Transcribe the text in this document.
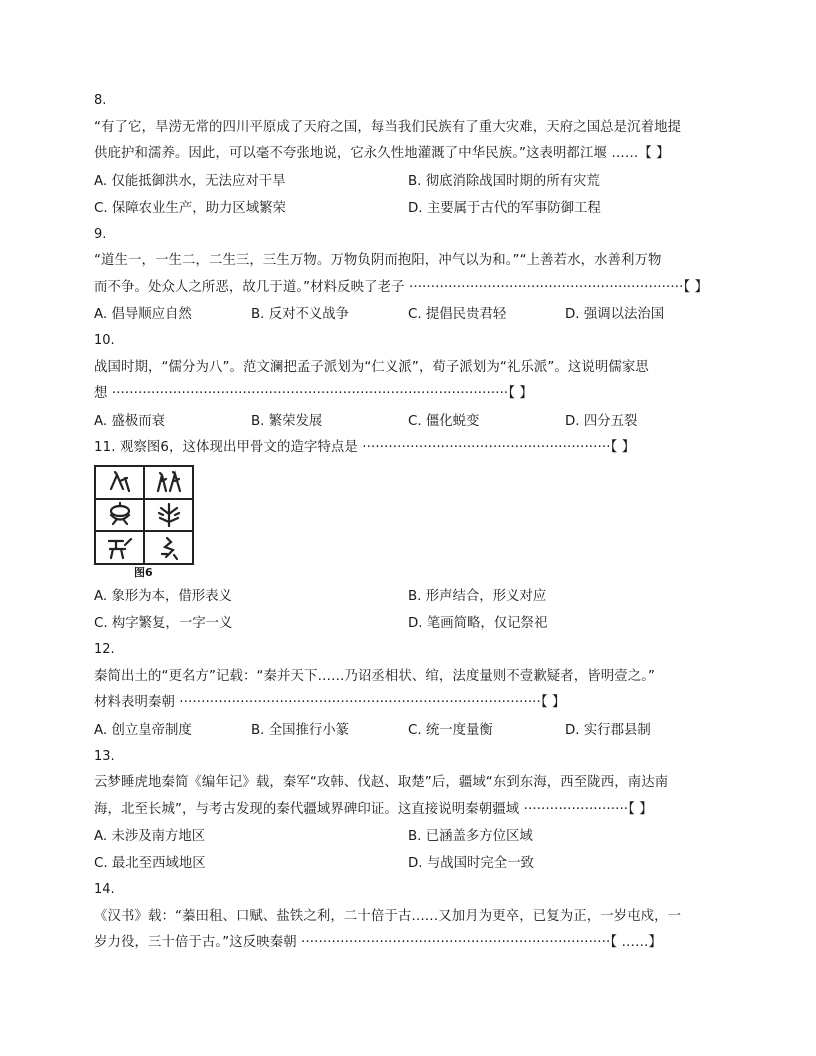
8.
“有了它，旱涝无常的四川平原成了天府之国，每当我们民族有了重大灾难，天府之国总是沉着地提
供庇护和濡养。因此，可以毫不夸张地说，它永久性地灌溉了中华民族。”这表明都江堰 ……【 】
A. 仅能抵御洪水，无法应对干旱	B. 彻底消除战国时期的所有灾荒
C. 保障农业生产，助力区域繁荣	D. 主要属于古代的军事防御工程
9.
“道生一，一生二，二生三，三生万物。万物负阴而抱阳，冲气以为和。”“上善若水，水善利万物
而不争。处众人之所恶，故几于道。”材料反映了老子 ·······························································【 】
A. 倡导顺应自然	B. 反对不义战争	C. 提倡民贵君轻	D. 强调以法治国
10.
战国时期，“儒分为八”。范文澜把孟子派划为“仁义派”，荀子派划为“礼乐派”。这说明儒家思
想 ···························································································【 】
A. 盛极而衰	B. 繁荣发展	C. 僵化蜕变	D. 四分五裂
11. 观察图6，这体现出甲骨文的造字特点是 ·························································【 】
图6
A. 象形为本，借形表义	B. 形声结合，形义对应
C. 构字繁复，一字一义	D. 笔画简略，仅记祭祀
12.
秦简出土的“更名方”记载：“秦并天下……乃诏丞相状、绾，法度量则不壹歉疑者，皆明壹之。”
材料表明秦朝 ···················································································【 】
A. 创立皇帝制度	B. 全国推行小篆	C. 统一度量衡	D. 实行郡县制
13.
云梦睡虎地秦简《编年记》载，秦军“攻韩、伐赵、取楚”后，疆域“东到东海，西至陇西，南达南
海，北至长城”，与考古发现的秦代疆域界碑印证。这直接说明秦朝疆域 ························【 】
A. 未涉及南方地区	B. 已涵盖多方位区域
C. 最北至西域地区	D. 与战国时完全一致
14.
《汉书》载：“蓁田租、口赋、盐铁之利，二十倍于古……又加月为更卒，已复为正，一岁屯戍，一
岁力役，三十倍于古。”这反映秦朝 ·······································································【 ……】
